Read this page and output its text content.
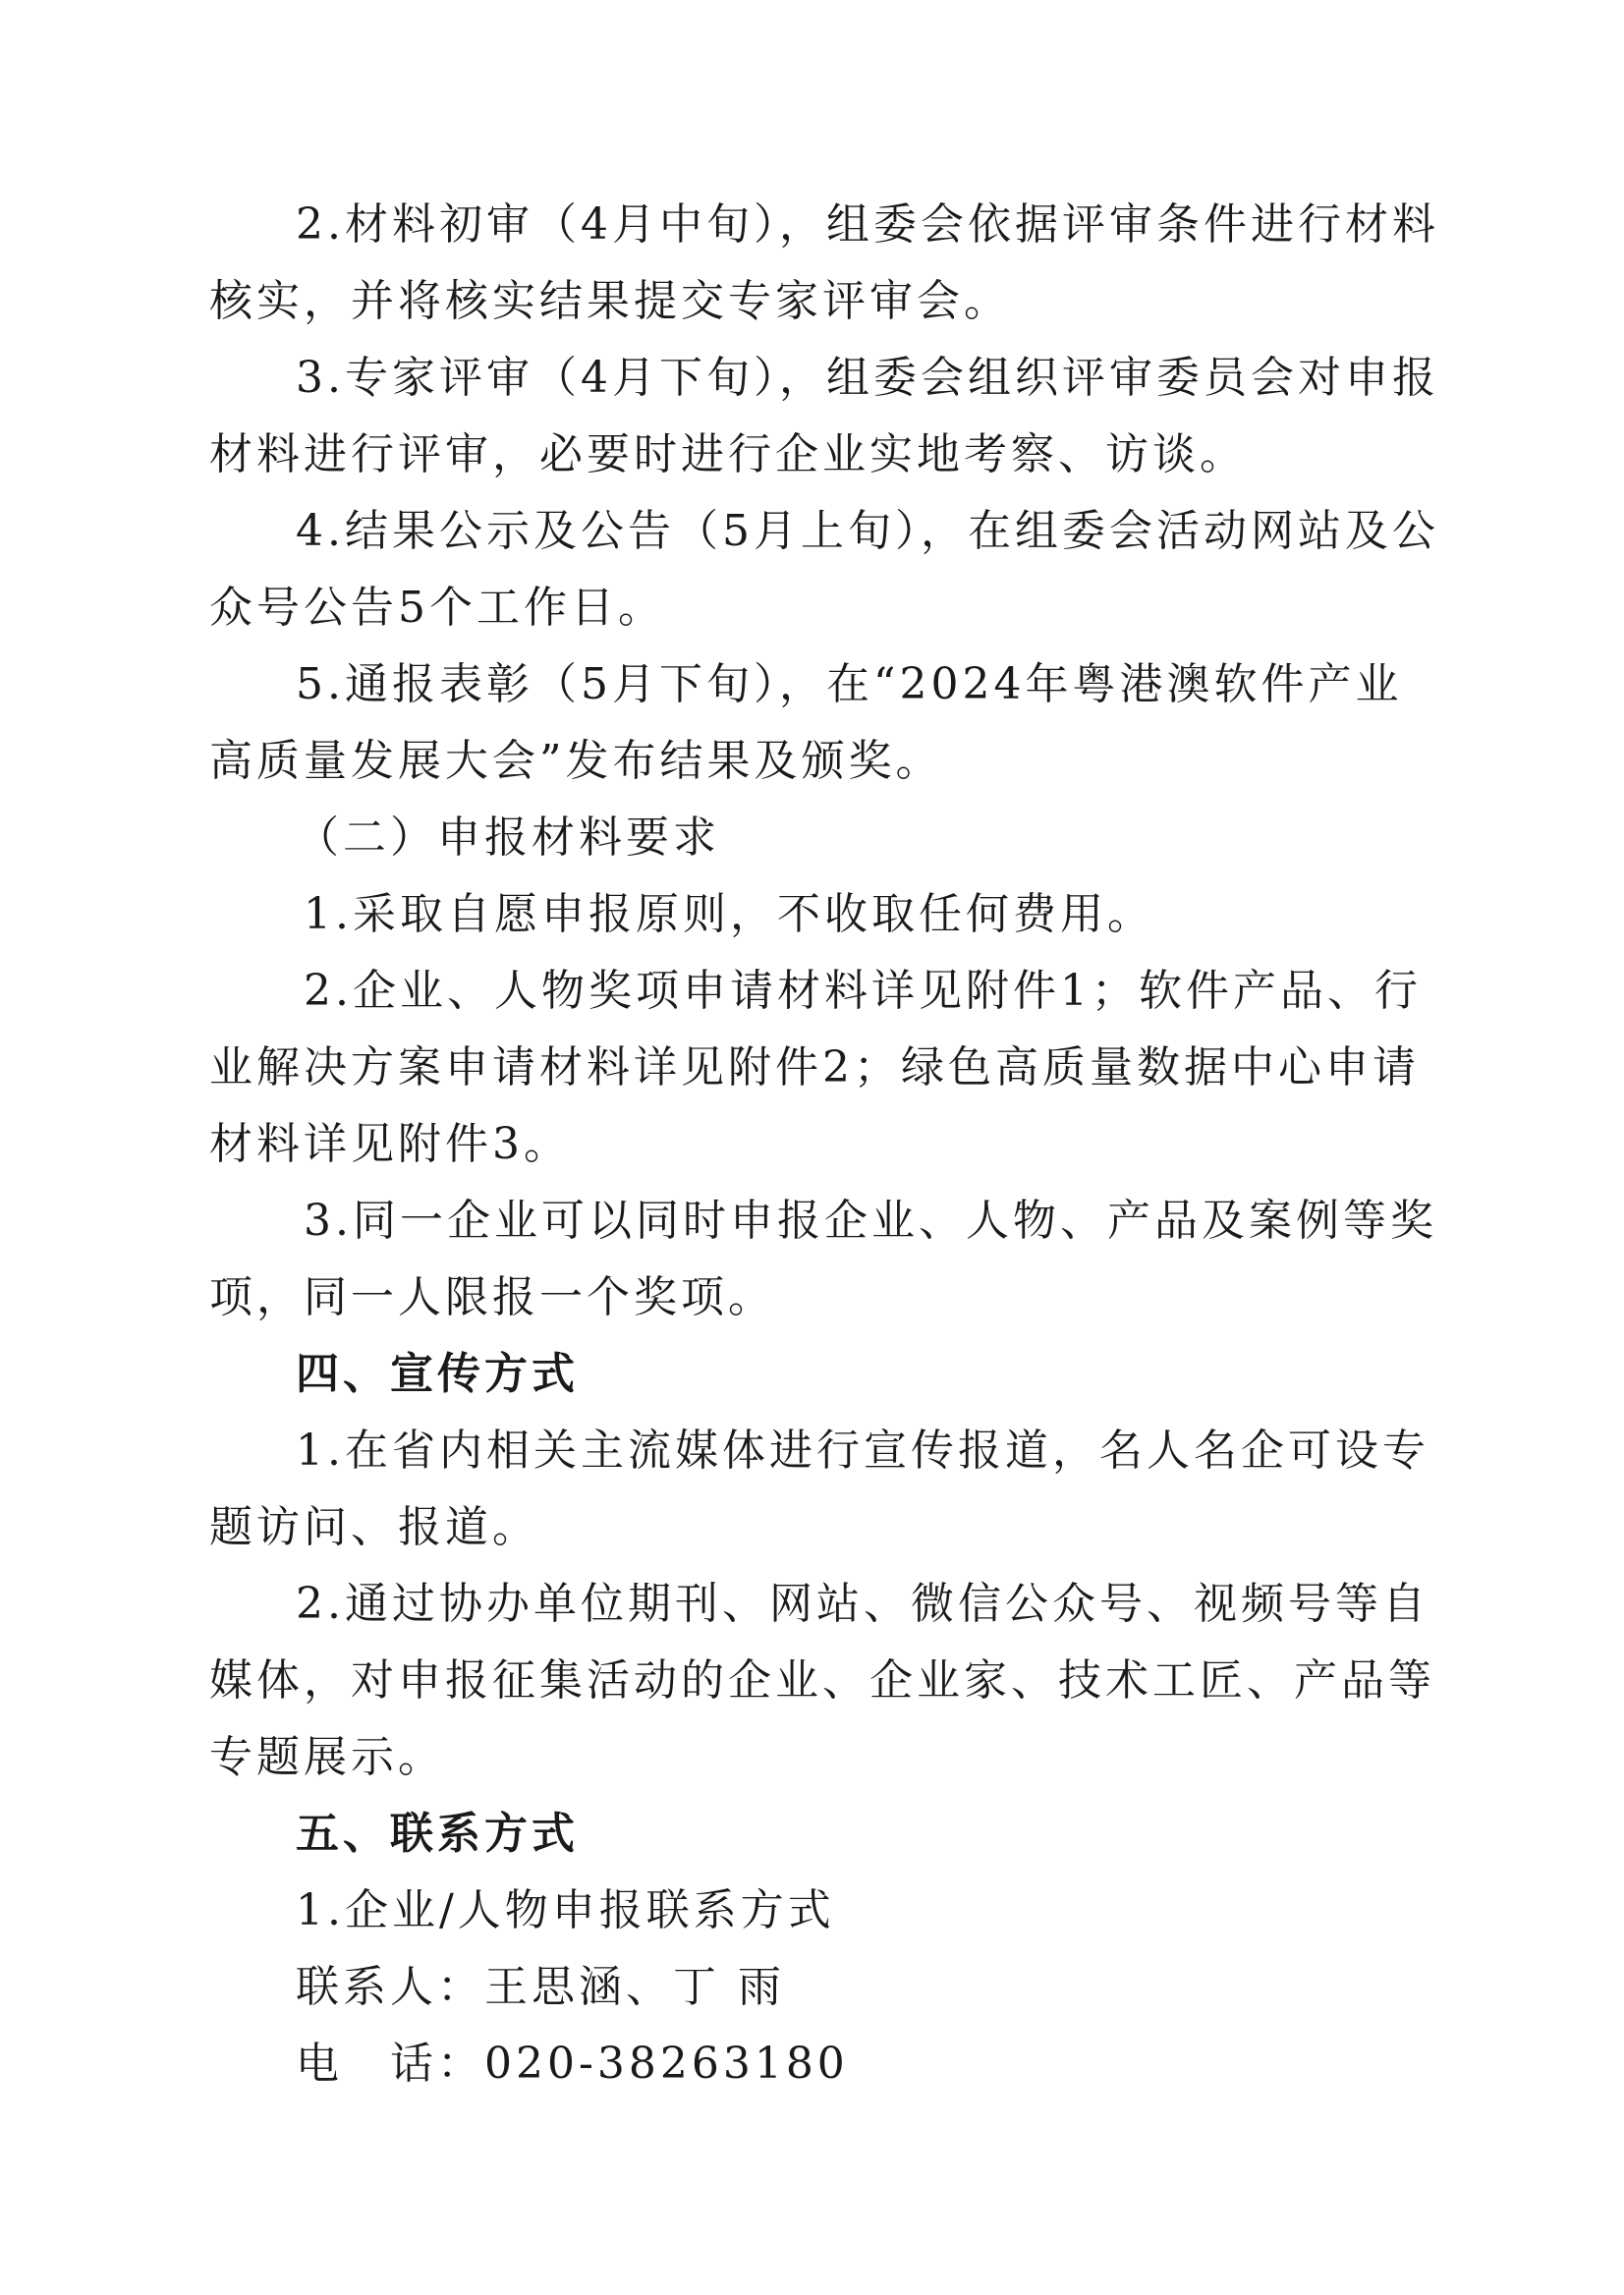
2.材料初审（4月中旬），组委会依据评审条件进行材料核实，并将核实结果提交专家评审会。

3.专家评审（4月下旬），组委会组织评审委员会对申报材料进行评审，必要时进行企业实地考察、访谈。

4.结果公示及公告（5月上旬），在组委会活动网站及公众号公告5个工作日。

5.通报表彰（5月下旬），在“2024年粤港澳软件产业高质量发展大会”发布结果及颁奖。

（二）申报材料要求

1.采取自愿申报原则，不收取任何费用。

2.企业、人物奖项申请材料详见附件1；软件产品、行业解决方案申请材料详见附件2；绿色高质量数据中心申请材料详见附件3。

3.同一企业可以同时申报企业、人物、产品及案例等奖项，同一人限报一个奖项。

四、宣传方式

1.在省内相关主流媒体进行宣传报道，名人名企可设专题访问、报道。

2.通过协办单位期刊、网站、微信公众号、视频号等自媒体，对申报征集活动的企业、企业家、技术工匠、产品等专题展示。

五、联系方式

1.企业/人物申报联系方式

联系人：王思涵、丁 雨

电　话：020-38263180
